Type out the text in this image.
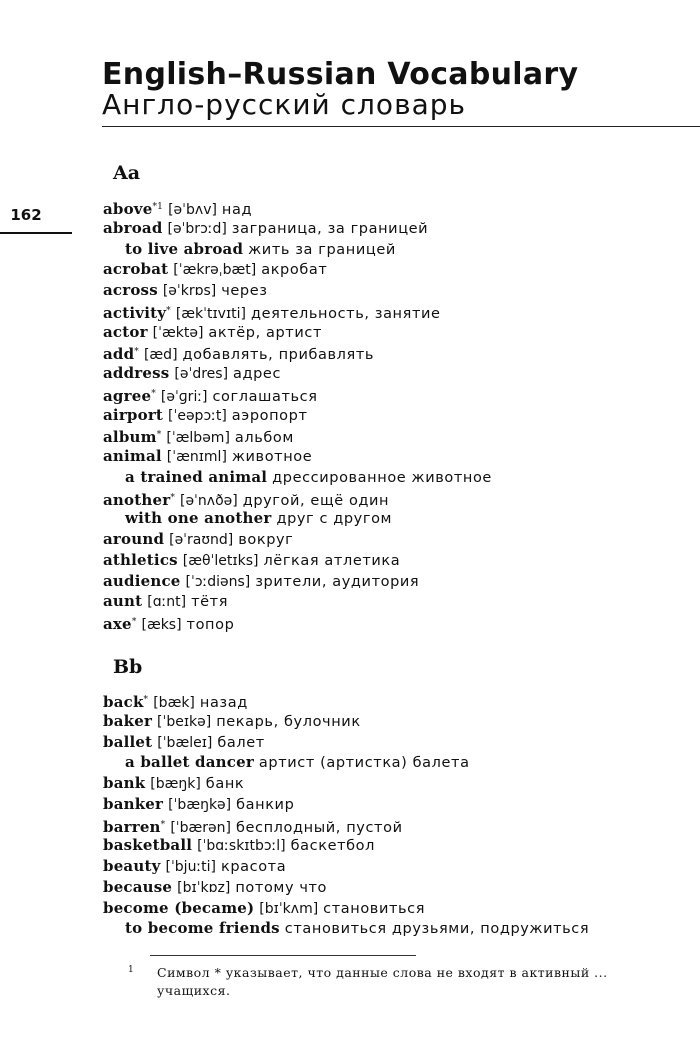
English–Russian Vocabulary
Англо-русский словарь
162
Aa
above$^{*1}$ [əˈbʌv] над
abroad [əˈbrɔːd] заграница, за границей
to live abroad жить за границей
acrobat [ˈækrəˌbæt] акробат
across [əˈkrɒs] через
activity* [ækˈtɪvɪti] деятельность, занятие
actor [ˈæktə] актёр, артист
add* [æd] добавлять, прибавлять
address [əˈdres] адрес
agree* [əˈɡriː] соглашаться
airport [ˈeəpɔːt] аэропорт
album* [ˈælbəm] альбом
animal [ˈænɪml] животное
a trained animal дрессированное животное
another* [əˈnʌðə] другой, ещё один
with one another друг с другом
around [əˈraʊnd] вокруг
athletics [æθˈletɪks] лёгкая атлетика
audience [ˈɔːdiəns] зрители, аудитория
aunt [ɑːnt] тётя
axe* [æks] топор
Bb
back* [bæk] назад
baker [ˈbeɪkə] пекарь, булочник
ballet [ˈbæleɪ] балет
a ballet dancer артист (артистка) балета
bank [bæŋk] банк
banker [ˈbæŋkə] банкир
barren* [ˈbærən] бесплодный, пустой
basketball [ˈbɑːskɪtbɔːl] баскетбол
beauty [ˈbjuːti] красота
because [bɪˈkɒz] потому что
become (became) [bɪˈkʌm] становиться
to become friends становиться друзьями, подружиться
1	Символ * указывает, что данные слова не входят в активный ... учащихся.
